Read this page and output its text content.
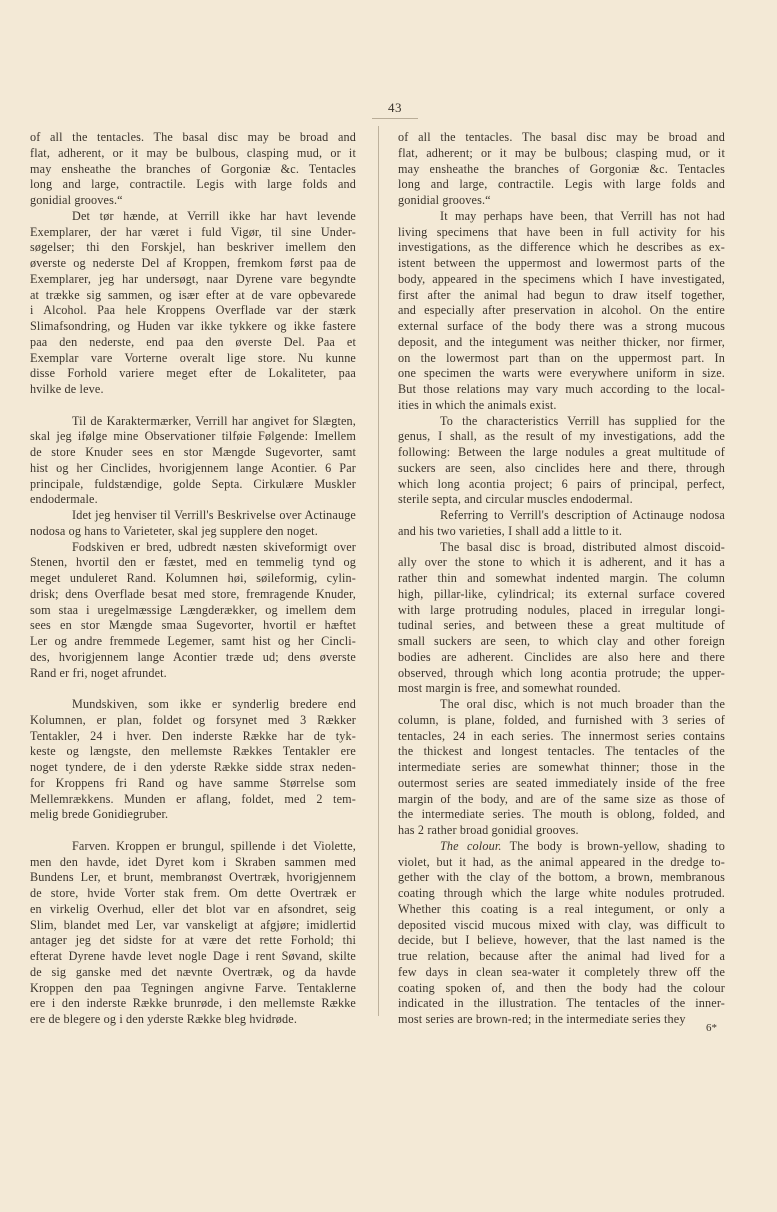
43
of all the tentacles. The basal disc may be broad and
flat, adherent, or it may be bulbous, clasping mud, or it
may ensheathe the branches of Gorgoniæ &c. Tentacles
long and large, contractile. Legis with large folds and
gonidial grooves.“
Det tør hænde, at Verrill ikke har havt levende
Exemplarer, der har været i fuld Vigør, til sine Under-
søgelser; thi den Forskjel, han beskriver imellem den
øverste og nederste Del af Kroppen, fremkom først paa de
Exemplarer, jeg har undersøgt, naar Dyrene vare begyndte
at trække sig sammen, og især efter at de vare opbevarede
i Alcohol. Paa hele Kroppens Overflade var der stærk
Slimafsondring, og Huden var ikke tykkere og ikke fastere
paa den nederste, end paa den øverste Del. Paa et
Exemplar vare Vorterne overalt lige store. Nu kunne
disse Forhold variere meget efter de Lokaliteter, paa
hvilke de leve.
Til de Karaktermærker, Verrill har angivet for Slægten,
skal jeg ifølge mine Observationer tilføie Følgende: Imellem
de store Knuder sees en stor Mængde Sugevorter, samt
hist og her Cinclides, hvorigjennem lange Acontier. 6 Par
principale, fuldstændige, golde Septa. Cirkulære Muskler
endodermale.
Idet jeg henviser til Verrill's Beskrivelse over Actinauge
nodosa og hans to Varieteter, skal jeg supplere den noget.
Fodskiven er bred, udbredt næsten skiveformigt over
Stenen, hvortil den er fæstet, med en temmelig tynd og
meget unduleret Rand. Kolumnen høi, søileformig, cylin-
drisk; dens Overflade besat med store, fremragende Knuder,
som staa i uregelmæssige Længderækker, og imellem dem
sees en stor Mængde smaa Sugevorter, hvortil er hæftet
Ler og andre fremmede Legemer, samt hist og her Cincli-
des, hvorigjennem lange Acontier træde ud; dens øverste
Rand er fri, noget afrundet.
Mundskiven, som ikke er synderlig bredere end
Kolumnen, er plan, foldet og forsynet med 3 Rækker
Tentakler, 24 i hver. Den inderste Række har de tyk-
keste og længste, den mellemste Rækkes Tentakler ere
noget tyndere, de i den yderste Række sidde strax neden-
for Kroppens fri Rand og have samme Størrelse som
Mellemrækkens. Munden er aflang, foldet, med 2 tem-
melig brede Gonidiegruber.
Farven. Kroppen er brungul, spillende i det Violette,
men den havde, idet Dyret kom i Skraben sammen med
Bundens Ler, et brunt, membranøst Overtræk, hvorigjennem
de store, hvide Vorter stak frem. Om dette Overtræk er
en virkelig Overhud, eller det blot var en afsondret, seig
Slim, blandet med Ler, var vanskeligt at afgjøre; imidlertid
antager jeg det sidste for at være det rette Forhold; thi
efterat Dyrene havde levet nogle Dage i rent Søvand, skilte
de sig ganske med det nævnte Overtræk, og da havde
Kroppen den paa Tegningen angivne Farve. Tentaklerne
ere i den inderste Række brunrøde, i den mellemste Række
ere de blegere og i den yderste Række bleg hvidrøde.
of all the tentacles. The basal disc may be broad and
flat, adherent; or it may be bulbous; clasping mud, or it
may ensheathe the branches of Gorgoniæ &c. Tentacles
long and large, contractile. Legis with large folds and
gonidial grooves.“
It may perhaps have been, that Verrill has not had
living specimens that have been in full activity for his
investigations, as the difference which he describes as ex-
istent between the uppermost and lowermost parts of the
body, appeared in the specimens which I have investigated,
first after the animal had begun to draw itself together,
and especially after preservation in alcohol. On the entire
external surface of the body there was a strong mucous
deposit, and the integument was neither thicker, nor firmer,
on the lowermost part than on the uppermost part. In
one specimen the warts were everywhere uniform in size.
But those relations may vary much according to the local-
ities in which the animals exist.
To the characteristics Verrill has supplied for the
genus, I shall, as the result of my investigations, add the
following: Between the large nodules a great multitude of
suckers are seen, also cinclides here and there, through
which long acontia project; 6 pairs of principal, perfect,
sterile septa, and circular muscles endodermal.
Referring to Verrill's description of Actinauge nodosa
and his two varieties, I shall add a little to it.
The basal disc is broad, distributed almost discoid-
ally over the stone to which it is adherent, and it has a
rather thin and somewhat indented margin. The column
high, pillar-like, cylindrical; its external surface covered
with large protruding nodules, placed in irregular longi-
tudinal series, and between these a great multitude of
small suckers are seen, to which clay and other foreign
bodies are adherent. Cinclides are also here and there
observed, through which long acontia protrude; the upper-
most margin is free, and somewhat rounded.
The oral disc, which is not much broader than the
column, is plane, folded, and furnished with 3 series of
tentacles, 24 in each series. The innermost series contains
the thickest and longest tentacles. The tentacles of the
intermediate series are somewhat thinner; those in the
outermost series are seated immediately inside of the free
margin of the body, and are of the same size as those of
the intermediate series. The mouth is oblong, folded, and
has 2 rather broad gonidial grooves.
The colour. The body is brown-yellow, shading to
violet, but it had, as the animal appeared in the dredge to-
gether with the clay of the bottom, a brown, membranous
coating through which the large white nodules protruded.
Whether this coating is a real integument, or only a
deposited viscid mucous mixed with clay, was difficult to
decide, but I believe, however, that the last named is the
true relation, because after the animal had lived for a
few days in clean sea-water it completely threw off the
coating spoken of, and then the body had the colour
indicated in the illustration. The tentacles of the inner-
most series are brown-red; in the intermediate series they
6*
